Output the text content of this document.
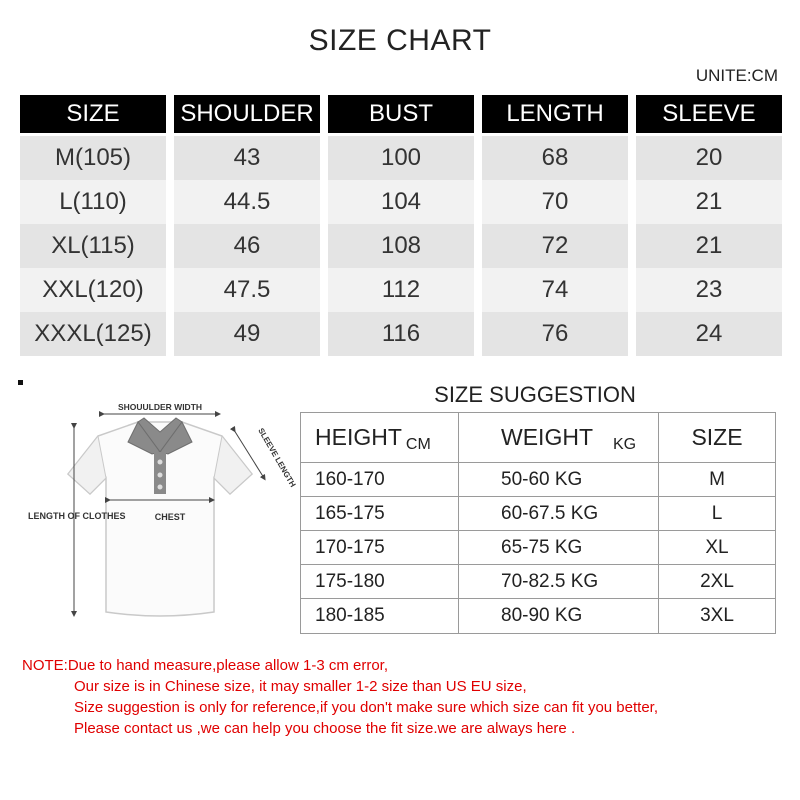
SIZE CHART
UNITE:CM
SIZE	SHOULDER	BUST	LENGTH	SLEEVE
M(105)	43	100	68	20
L(110)	44.5	104	70	21
XL(115)	46	108	72	21
XXL(120)	47.5	112	74	23
XXXL(125)	49	116	76	24
SHOUULDER WIDTH
SLEEVE LENGTH
CHEST
LENGTH OF CLOTHES
SIZE SUGGESTION
HEIGHT CM	WEIGHT KG	SIZE
160-170	50-60 KG	M
165-175	60-67.5 KG	L
170-175	65-75 KG	XL
175-180	70-82.5 KG	2XL
180-185	80-90 KG	3XL
NOTE:Due to hand measure,please allow 1-3 cm error,
Our size is in Chinese size, it may smaller 1-2 size than US EU size,
Size suggestion is only for reference,if you don't make sure which size can fit you better,
Please contact us ,we can help you choose the fit size.we are always here .
